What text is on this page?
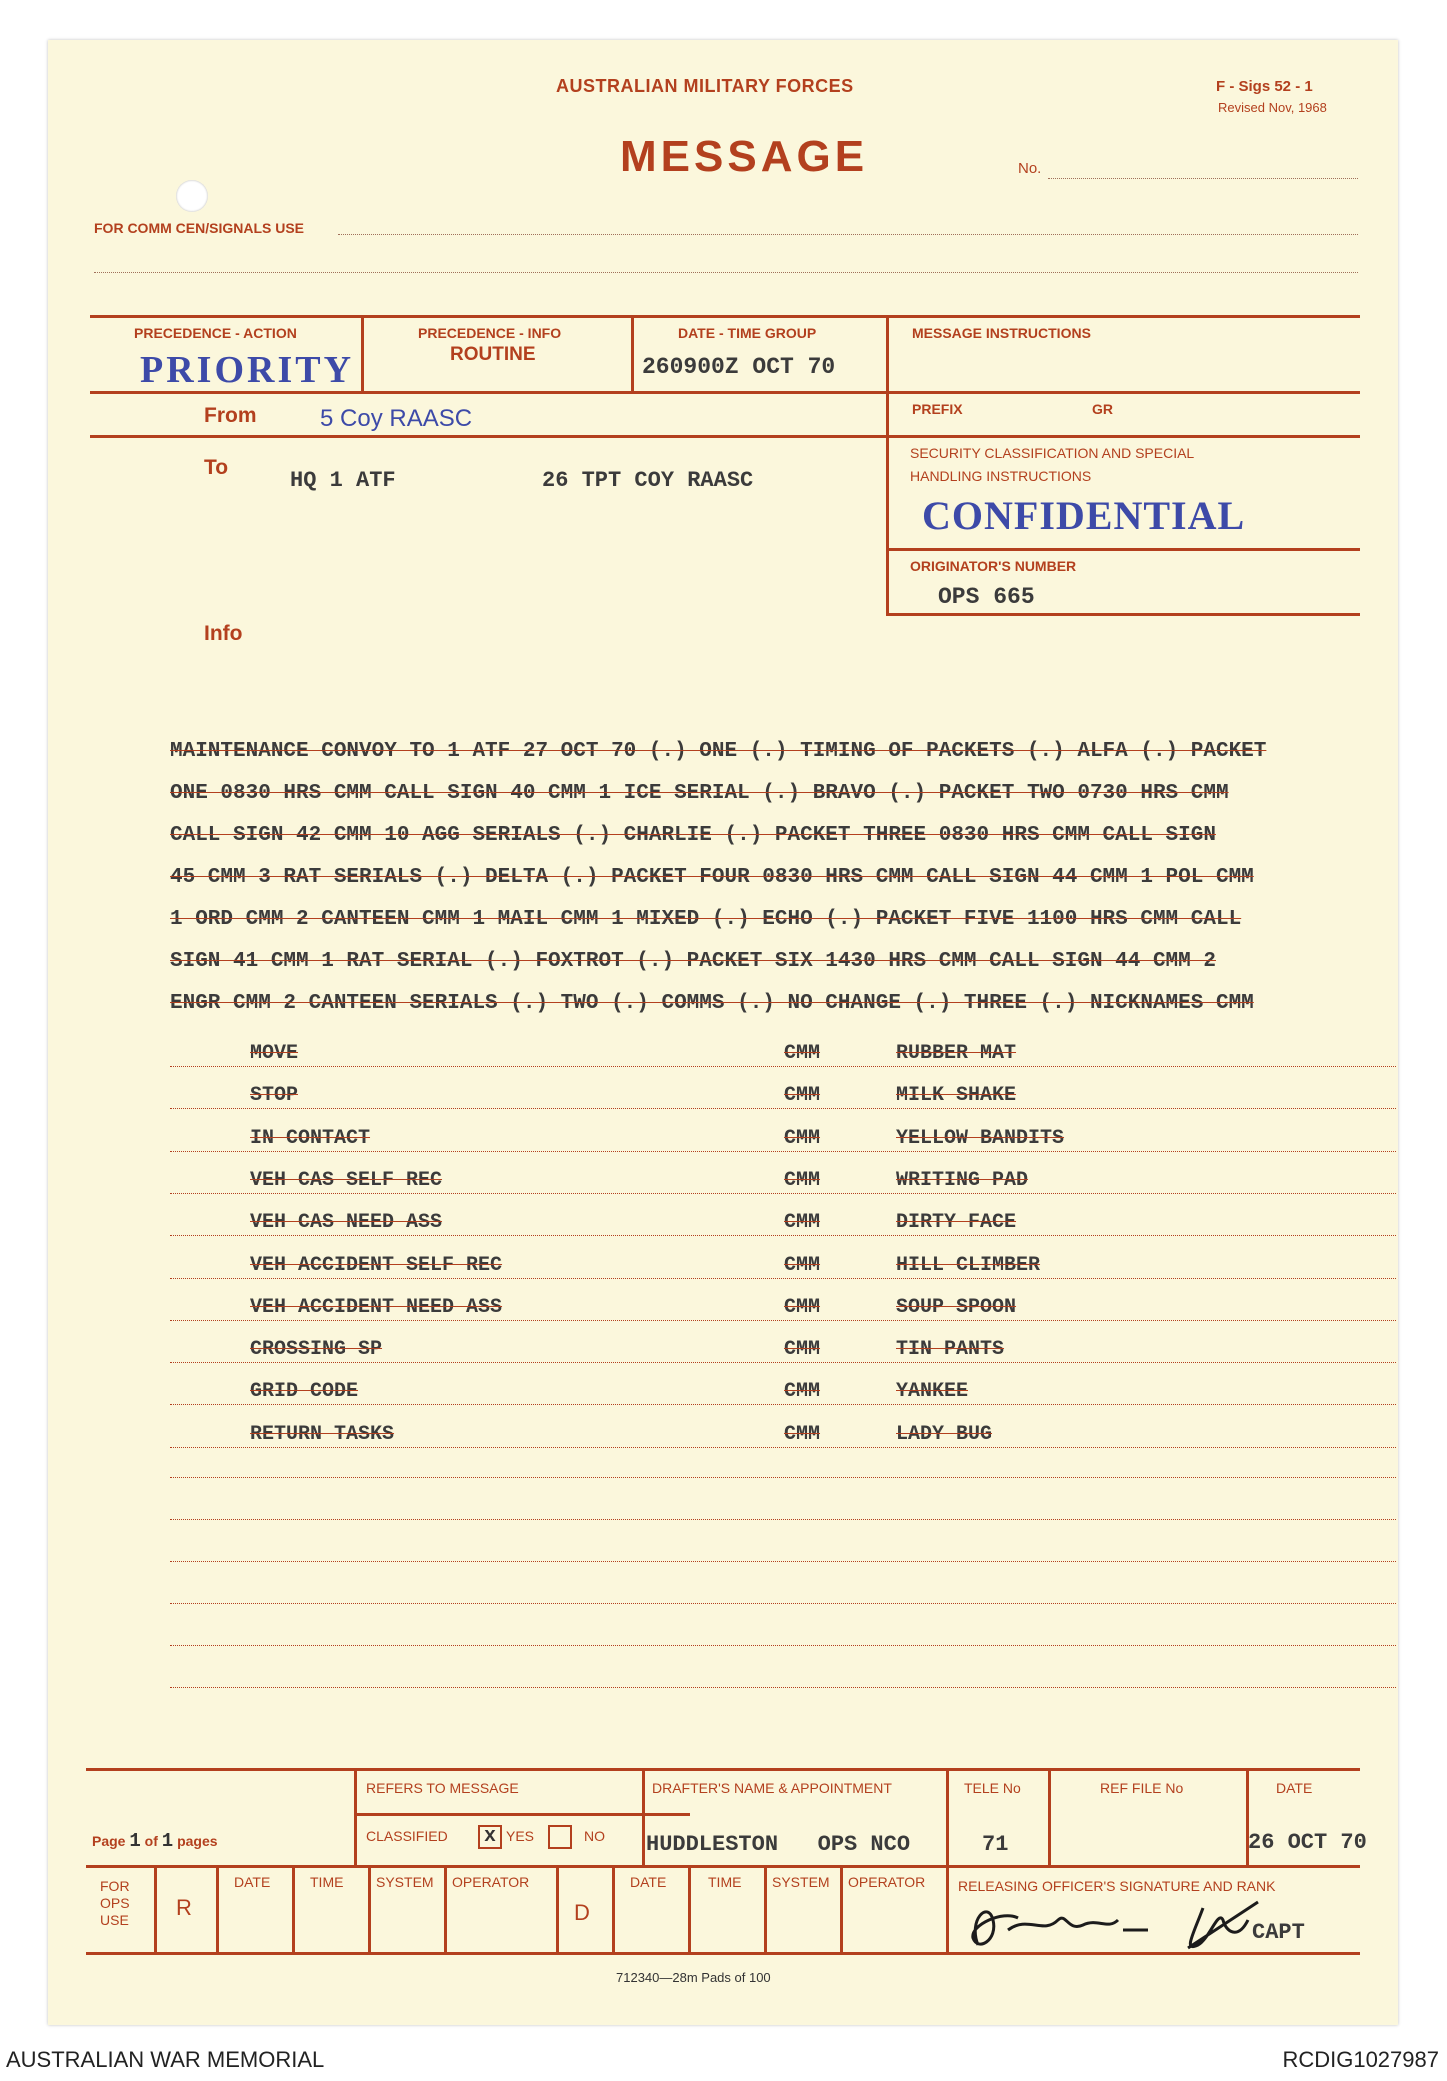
AUSTRALIAN MILITARY FORCES
MESSAGE
F - Sigs 52 - 1
Revised Nov, 1968
No.
FOR COMM CEN/SIGNALS USE
PRECEDENCE - ACTION
PRIORITY
PRECEDENCE - INFO
ROUTINE
DATE - TIME GROUP
260900Z OCT 70
MESSAGE INSTRUCTIONS
From	5 Coy RAASC	PREFIX	GR
To
HQ 1 ATF	26 TPT COY RAASC
SECURITY CLASSIFICATION AND SPECIAL
HANDLING INSTRUCTIONS
CONFIDENTIAL
ORIGINATOR'S NUMBER
OPS 665
Info
MAINTENANCE CONVOY TO 1 ATF 27 OCT 70 (.) ONE (.) TIMING OF PACKETS (.) ALFA (.) PACKET
ONE 0830 HRS CMM CALL SIGN 40 CMM 1 ICE SERIAL (.) BRAVO (.) PACKET TWO 0730 HRS CMM
CALL SIGN 42 CMM 10 AGG SERIALS (.) CHARLIE (.) PACKET THREE 0830 HRS CMM CALL SIGN
45 CMM 3 RAT SERIALS (.) DELTA (.) PACKET FOUR 0830 HRS CMM CALL SIGN 44 CMM 1 POL CMM
1 ORD CMM 2 CANTEEN CMM 1 MAIL CMM 1 MIXED (.) ECHO (.) PACKET FIVE 1100 HRS CMM CALL
SIGN 41 CMM 1 RAT SERIAL (.) FOXTROT (.) PACKET SIX 1430 HRS CMM CALL SIGN 44 CMM 2
ENGR CMM 2 CANTEEN SERIALS (.) TWO (.) COMMS (.) NO CHANGE (.) THREE (.) NICKNAMES CMM
MOVE	CMM	RUBBER MAT
STOP	CMM	MILK SHAKE
IN CONTACT	CMM	YELLOW BANDITS
VEH CAS SELF REC	CMM	WRITING PAD
VEH CAS NEED ASS	CMM	DIRTY FACE
VEH ACCIDENT SELF REC	CMM	HILL CLIMBER
VEH ACCIDENT NEED ASS	CMM	SOUP SPOON
CROSSING SP	CMM	TIN PANTS
GRID CODE	CMM	YANKEE
RETURN TASKS	CMM	LADY BUG
Page 1 of 1 pages
REFERS TO MESSAGE
CLASSIFIED x YES	NO
DRAFTER'S NAME & APPOINTMENT
HUDDLESTON   OPS NCO
TELE No
71
REF FILE No	DATE
26 OCT 70
FOR OPS USE	R
DATE	TIME SYSTEM OPERATOR
D
DATE	TIME SYSTEM OPERATOR RELEASING OFFICER'S SIGNATURE AND RANK
CAPT
712340—28m Pads of 100
AUSTRALIAN WAR MEMORIAL	RCDIG1027987
